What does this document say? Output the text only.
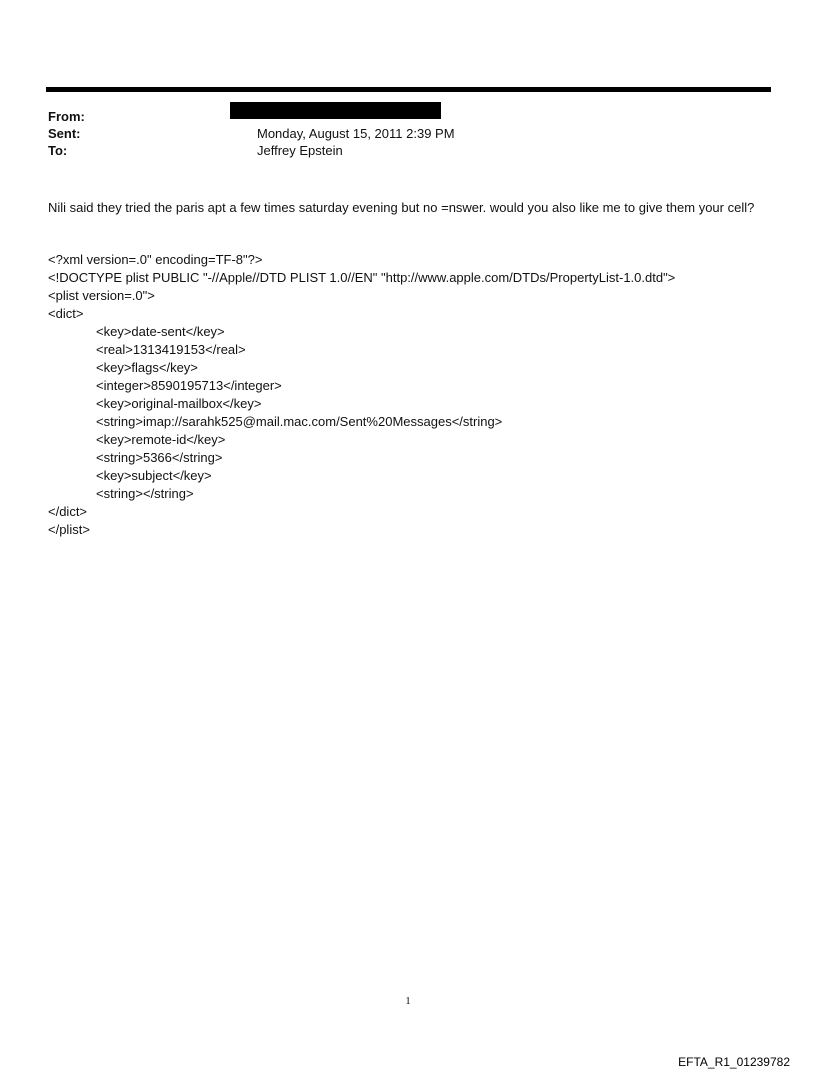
From:
Sent:	Monday, August 15, 2011 2:39 PM
To:	Jeffrey Epstein

Nili said they tried the paris apt a few times saturday evening but no =nswer. would you also like me to give them your cell?

<?xml version=.0" encoding=TF-8"?>
<!DOCTYPE plist PUBLIC "-//Apple//DTD PLIST 1.0//EN" "http://www.apple.com/DTDs/PropertyList-1.0.dtd">
<plist version=.0">
<dict>
<key>date-sent</key>
<real>1313419153</real>
<key>flags</key>
<integer>8590195713</integer>
<key>original-mailbox</key>
<string>imap://sarahk525@mail.mac.com/Sent%20Messages</string>
<key>remote-id</key>
<string>5366</string>
<key>subject</key>
<string></string>
</dict>
</plist>
1
EFTA_R1_01239782
